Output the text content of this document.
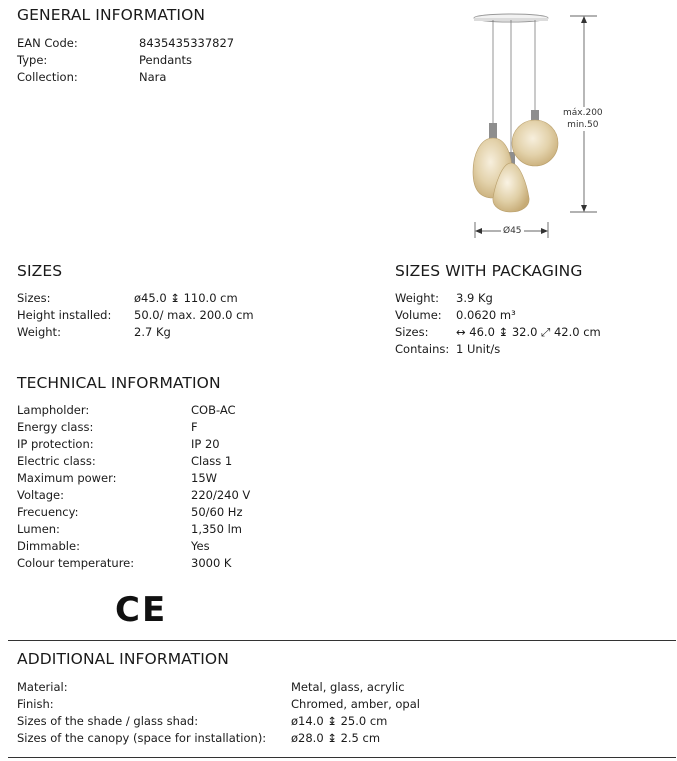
GENERAL INFORMATION
EAN Code:	8435435337827
Type:	Pendants
Collection:	Nara
máx.200
min.50
Ø45
SIZES
Sizes:	ø45.0 ↨ 110.0 cm
Height installed: 50.0/ max. 200.0 cm
Weight:	2.7 Kg
SIZES WITH PACKAGING
Weight: 3.9 Kg
Volume: 0.0620 m³
Sizes: ↔ 46.0 ↨ 32.0 ⤢ 42.0 cm
Contains: 1 Unit/s
TECHNICAL INFORMATION
Lampholder:	COB-AC
Energy class:	F
IP protection:	IP 20
Electric class:	Class 1
Maximum power:	15W
Voltage:	220/240 V
Frecuency:	50/60 Hz
Lumen:	1,350 lm
Dimmable:	Yes
Colour temperature:	3000 K
CE
ADDITIONAL INFORMATION
Material:	Metal, glass, acrylic
Finish:	Chromed, amber, opal
Sizes of the shade / glass shad:	ø14.0 ↨ 25.0 cm
Sizes of the canopy (space for installation): ø28.0 ↨ 2.5 cm
